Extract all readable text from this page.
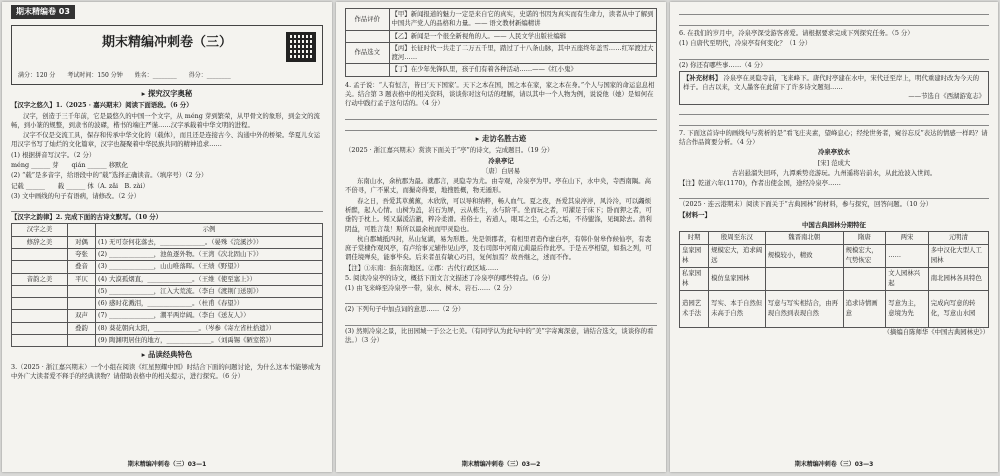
期末精编卷 03
期末精编冲刺卷（三）
满分：120 分　　考试时间：150 分钟　　姓名：________　　得分：________
▸ 探究汉字奥秘

【汉字之悠久】1.（2025 · 嘉兴期末）阅读下面语段。（6 分）

汉字，创造于三千年前，它是最悠久的中国一个文字，从 méng 芽到繁荣，从甲骨文的象形，到金文的流畅，到小篆的规整，到隶书的波磔，楷书的端庄严谨……汉字承载着中华文明的进程。

汉字不仅是交流工具，保存和传承中华文化的（载体），而且还是连接古今、沟通中外的桥梁。华夏儿女运用汉字书写了灿烂的文化篇章，汉字也凝聚着中华民族共同的精神追求……

(1) 根据拼音写汉字。（2 分）

méng ______ 芽　　qián ______ 移默化

(2) “载”是多音字，给语段中的“载”选择正确读音。（填序号）（2 分）

记载 ______　　载 ______ 体（A. zǎi　B. zài）

(3) 文中画线的句子有语病，请修改。（2 分）

【汉字之韵律】2. 完成下面的古诗文默写。（10 分）

汉字之美		示例
修辞之美	对偶	(1) 无可奈何花落去，______________。（晏殊《浣溪沙》）
	夸张	(2) ______________，池鱼逐外物。（王湾《次北固山下》）
	叠音	(3) ______________，山山唯落晖。（王绩《野望》）
音韵之美	平仄	(4) 大漠孤烟直，______________。（王维《使至塞上》）
		(5) ______________，江入大荒流。（李白《渡荆门送别》）
		(6) 感时花溅泪，______________。（杜甫《春望》）
	双声	(7) ______________，潮平两岸阔。（李白《送友人》）
	叠韵	(8) 葵花朝向太阳，______________。（岑参《寄左省杜拾遗》）
		(9) 陶渊明居住的地方，______________。（刘禹锡《陋室铭》）
▸ 品读经典特色

3.（2025 · 浙江嘉兴期末）一个小组在阅读《红星照耀中国》时结合下面的问题讨论，为什么这本书能够成为中外广大读者爱不释手的经典读物？请借助表格中的相关提示，进行探究。（6 分）

期末精编冲刺卷（三）03—1
作品评价	【甲】新闻报道的魅力一定是来自它的真实，史诺的书因为真实而有生命力，读者从中了解到中国共产党人的品格和力量。—— 语文教材新编精讲
	【乙】新闻是一个很全新视角的人。—— 人民文学出版社编辑
作品选文	【丙】长征时代一共走了二万五千里，踏过了十八条山脉，其中五座终年盖雪……红军渡过大渡河……
	【丁】在少年先锋队里，孩子们有着各种活动……——《红小鬼》

4. 孟子说：“人有恒言，皆曰‘天下国家’。天下之本在国，国之本在家，家之本在身。”个人与国家的命运息息相关。结合第 3 题表格中的相关资料，谈谈你对这句话的理解，请以其中一个人物为例，说说他（她）是如何在行动中践行孟子这句话的。（4 分）

▸ 走访名胜古迹

（2025 · 浙江嘉兴期末）赏读下面关于“亭”的诗文，完成题目。（19 分）

冷泉亭记

〔唐〕白居易

东南山水，余杭郡为最。就郡言，灵隐寺为尤。由寺观，冷泉亭为甲。亭在山下，水中央，寺西南隅。高不倍寻，广不累丈，而撮奇得要，地搜胜概，物无遁形。

春之日，吾爱其草薰薰，木欣欣，可以导和纳粹，畅人血气。夏之夜，吾爱其泉渟渟，风泠泠，可以蠲烦析酲，起人心情。山树为盖，岩石为屏，云从栋生，水与阶平。坐而玩之者，可濯足于床下；卧而狎之者，可垂钓于枕上。矧又潺湲洁澈，粹冷柔滑。若俗士，若道人，眼耳之尘，心舌之垢，不待盥涤，见辄除去。潜利阴益，可胜言哉！斯所以最余杭而甲灵隐也。

杭自郡城抵四封，丛山复湖，易为形胜。先是领郡者，有相里君造作虚白亭，有韩仆射皋作候仙亭，有裴庶子棠棣作观风亭，有卢给事元辅作见山亭，及右司郎中河南元藇最后作此亭。于是五亭相望，如指之列，可谓佳境殚矣，能事毕矣。后来者虽有敏心巧目，复何加焉？故吾继之，述而不作。

【注】①东南：指东南地区。②郡：古代行政区域……

5. 阅读冷泉亭的诗文，概括下面文言文描述了冷泉亭的哪些特点。（6 分）

(1) 由飞来峰至冷泉亭一带，泉水、树木、岩石……（2 分）

(2) 下列句子中加点词的意思……（2 分）

(3) 然则冷泉之景，比田园城一于公之七美。（有同学认为此句中的“美”字寄寓深意，请结合选文，谈谈你的看法。）（3 分）

期末精编冲刺卷（三）03—2

6. 在我们的岁月中，冷泉亭深受游客喜爱。请根据要求完成下列探究任务。（5 分）

(1) 自唐代至明代，冷泉亭有何变化？（1 分）

(2) 你还有哪些事……（4 分）

【补充材料】 冷泉亭在灵隐寺前，飞来峰下。唐代时亭建在水中，宋代迁至岸上，明代重建时改为今天的样子。自古以来，文人墨客在此留下了许多诗文题刻……
——节选自《西湖游览志》

7. 下面这首诗中的画线句与赏析的是“看飞庄夹素，望峰息心；经纶世务者，窥谷忘反”表达的情感一样吗？请结合作品简要分析。（4 分）

冷泉亭放水

[宋] 范成大

古岩悬溜失回环，九潭乘势竞游玩。九州遥将岩前水，从此沧波入世间。

【注】乾道六年(1170)，作者出使金国，途经冷泉亭……

（2025 · 连云港期末）阅读下面关于“古典园林”的材料，参与探究，回答问题。（10 分）

【材料一】

中国古典园林分期特征

时期	殷周至东汉	魏晋南北朝	隋唐	两宋	元明清
皇家园林	规模宏大，追求阔远	规模较小，精致	规模宏大，气势恢宏	……	多中汉化大型人工园林
私家园林	模仿皇家园林			文人园林兴起	南北园林各具特色
造园艺术手法	写实、本于自然但未高于自然	写意与写实相结合，由再现自然到表现自然	追求诗情画意	写意为主，意境为先	完成向写意的转化，写意山水园

（摘编自陈师华《中国古典园林史》）

期末精编冲刺卷（三）03—3
